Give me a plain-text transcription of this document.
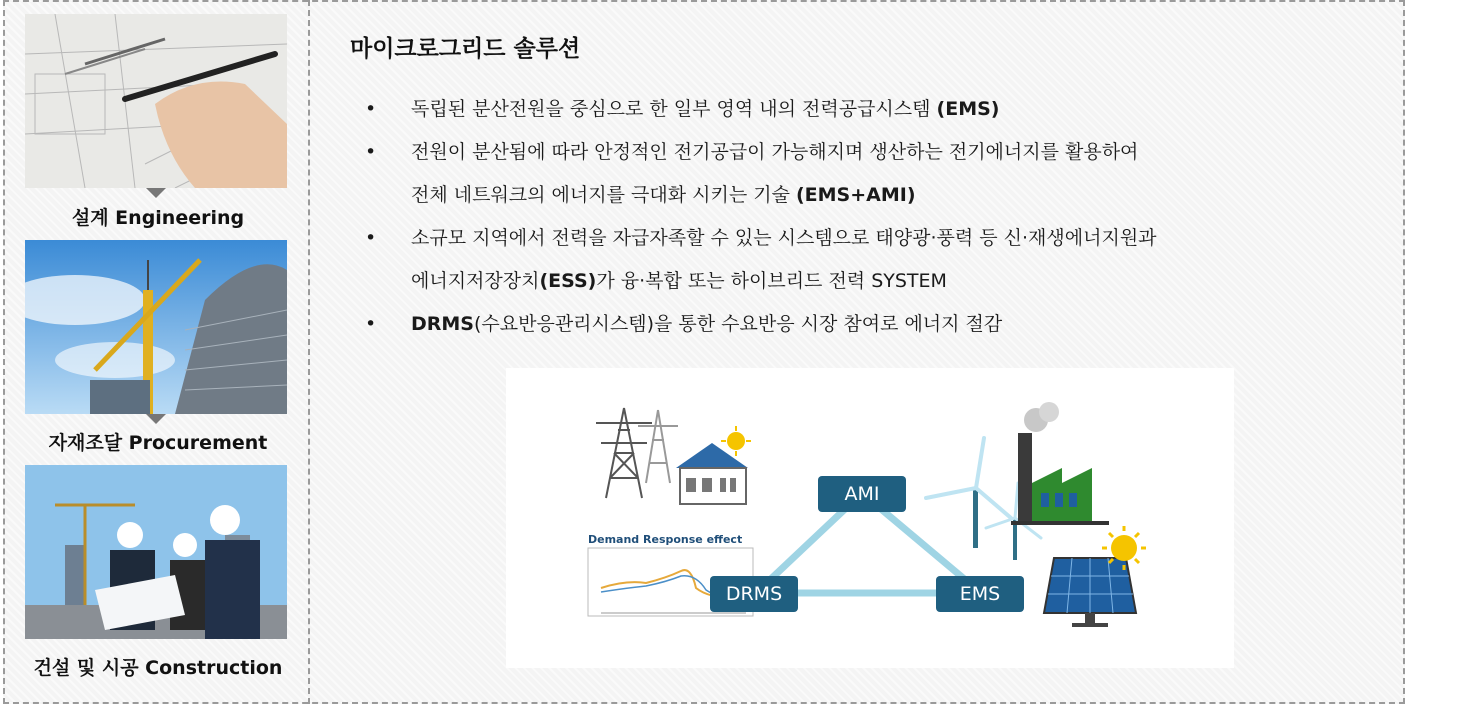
설계 Engineering
자재조달 Procurement
건설 및 시공 Construction
마이크로그리드 솔루션
•	독립된 분산전원을 중심으로 한 일부 영역 내의 전력공급시스템 (EMS)
•	전원이 분산됨에 따라 안정적인 전기공급이 가능해지며 생산하는 전기에너지를 활용하여
전체 네트워크의 에너지를 극대화 시키는 기술 (EMS+AMI)
•	소규모 지역에서 전력을 자급자족할 수 있는 시스템으로 태양광·풍력 등 신·재생에너지원과
에너지저장장치(ESS)가 융·복합 또는 하이브리드 전력 SYSTEM
•	DRMS(수요반응관리시스템)을 통한 수요반응 시장 참여로 에너지 절감
Demand Response effect
AMI
DRMS	EMS
